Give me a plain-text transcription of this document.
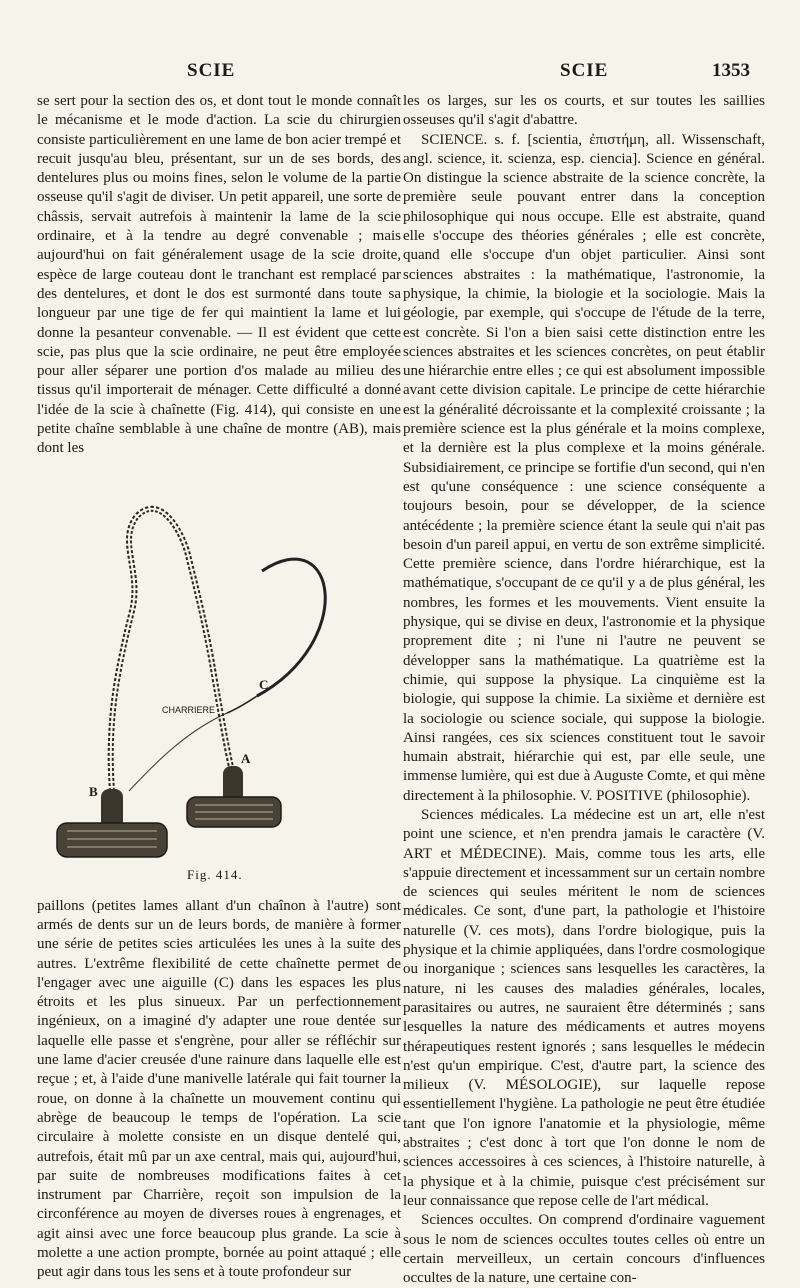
SCIE	SCIE	1353

se sert pour la section des os, et dont tout le monde connaît le mécanisme et le mode d'action. La scie du chirurgien consiste particulièrement en une lame de bon acier trempé et recuit jusqu'au bleu, présentant, sur un de ses bords, des dentelures plus ou moins fines, selon le volume de la partie osseuse qu'il s'agit de diviser. Un petit appareil, une sorte de châssis, servait autrefois à maintenir la lame de la scie ordinaire, et à la tendre au degré convenable ; mais aujourd'hui on fait généralement usage de la scie droite, espèce de large couteau dont le tranchant est remplacé par des dentelures, et dont le dos est surmonté dans toute sa longueur par une tige de fer qui maintient la lame et lui donne la pesanteur convenable. — Il est évident que cette scie, pas plus que la scie ordinaire, ne peut être employée pour aller séparer une portion d'os malade au milieu des tissus qu'il importerait de ménager. Cette difficulté a donné l'idée de la scie à chaînette (Fig. 414), qui consiste en une petite chaîne semblable à une chaîne de montre (AB), mais dont les

CHARRIERE
A
B
C
Fig. 414.

paillons (petites lames allant d'un chaînon à l'autre) sont armés de dents sur un de leurs bords, de manière à former une série de petites scies articulées les unes à la suite des autres. L'extrême flexibilité de cette chaînette permet de l'engager avec une aiguille (C) dans les espaces les plus étroits et les plus sinueux. Par un perfectionnement ingénieux, on a imaginé d'y adapter une roue dentée sur laquelle elle passe et s'engrène, pour aller se réfléchir sur une lame d'acier creusée d'une rainure dans laquelle elle est reçue ; et, à l'aide d'une manivelle latérale qui fait tourner la roue, on donne à la chaînette un mouvement continu qui abrège de beaucoup le temps de l'opération. La scie circulaire à molette consiste en un disque dentelé qui, autrefois, était mû par un axe central, mais qui, aujourd'hui, par suite de nombreuses modifications faites à cet instrument par Charrière, reçoit son impulsion de la circonférence au moyen de diverses roues à engrenages, et agit ainsi avec une force beaucoup plus grande. La scie à molette a une action prompte, bornée au point attaqué ; elle peut agir dans tous les sens et à toute profondeur sur

les os larges, sur les os courts, et sur toutes les saillies osseuses qu'il s'agit d'abattre.

SCIENCE. s. f. [scientia, ἐπιστήμη, all. Wissenschaft, angl. science, it. scienza, esp. ciencia]. Science en général. On distingue la science abstraite de la science concrète, la première seule pouvant entrer dans la conception philosophique qui nous occupe. Elle est abstraite, quand elle s'occupe des théories générales ; elle est concrète, quand elle s'occupe d'un objet particulier. Ainsi sont sciences abstraites : la mathématique, l'astronomie, la physique, la chimie, la biologie et la sociologie. Mais la géologie, par exemple, qui s'occupe de l'étude de la terre, est concrète. Si l'on a bien saisi cette distinction entre les sciences abstraites et les sciences concrètes, on peut établir une hiérarchie entre elles ; ce qui est absolument impossible avant cette division capitale. Le principe de cette hiérarchie est la généralité décroissante et la complexité croissante ; la première science est la plus générale et la moins complexe, et la dernière est la plus complexe et la moins générale. Subsidiairement, ce principe se fortifie d'un second, qui n'en est qu'une conséquence : une science conséquente a toujours besoin, pour se développer, de la science antécédente ; la première science étant la seule qui n'ait pas besoin d'un pareil appui, en vertu de son extrême simplicité. Cette première science, dans l'ordre hiérarchique, est la mathématique, s'occupant de ce qu'il y a de plus général, les nombres, les formes et les mouvements. Vient ensuite la physique, qui se divise en deux, l'astronomie et la physique proprement dite ; ni l'une ni l'autre ne peuvent se développer sans la mathématique. La quatrième est la chimie, qui suppose la physique. La cinquième est la biologie, qui suppose la chimie. La sixième et dernière est la sociologie ou science sociale, qui suppose la biologie. Ainsi rangées, ces six sciences constituent tout le savoir humain abstrait, hiérarchie qui est, par elle seule, une immense lumière, qui est due à Auguste Comte, et qui mène directement à la philosophie. V. POSITIVE (philosophie).

Sciences médicales. La médecine est un art, elle n'est point une science, et n'en prendra jamais le caractère (V. ART et MÉDECINE). Mais, comme tous les arts, elle s'appuie directement et incessamment sur un certain nombre de sciences qui seules méritent le nom de sciences médicales. Ce sont, d'une part, la pathologie et l'histoire naturelle (V. ces mots), dans l'ordre biologique, puis la physique et la chimie appliquées, dans l'ordre cosmologique ou inorganique ; sciences sans lesquelles les caractères, la nature, ni les causes des maladies générales, locales, parasitaires ou autres, ne sauraient être déterminés ; sans lesquelles la nature des médicaments et autres moyens thérapeutiques restent ignorés ; sans lesquelles le médecin n'est qu'un empirique. C'est, d'autre part, la science des milieux (V. MÉSOLOGIE), sur laquelle repose essentiellement l'hygiène. La pathologie ne peut être étudiée tant que l'on ignore l'anatomie et la physiologie, même abstraites ; c'est donc à tort que l'on donne le nom de sciences accessoires à ces sciences, à l'histoire naturelle, à la physique et à la chimie, puisque c'est précisément sur leur connaissance que repose celle de l'art médical.

Sciences occultes. On comprend d'ordinaire vaguement sous le nom de sciences occultes toutes celles où entre un certain merveilleux, un certain concours d'influences occultes de la nature, une certaine con-
